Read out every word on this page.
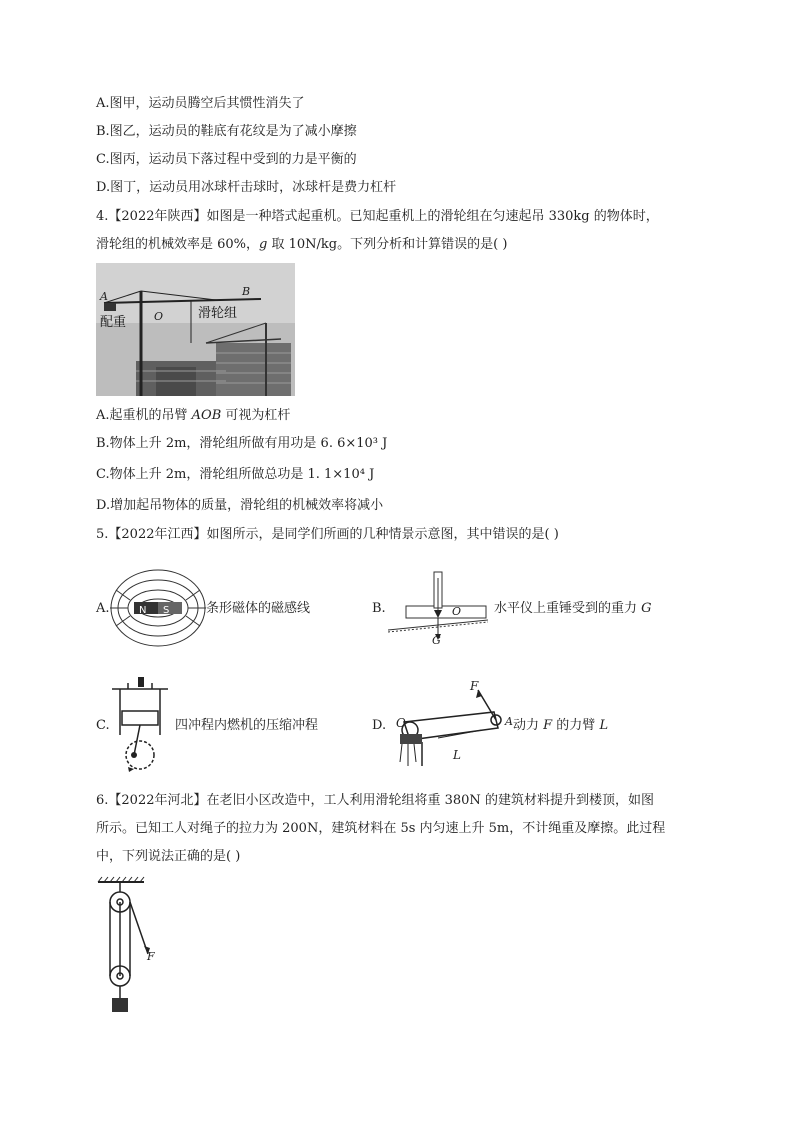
A.图甲，运动员腾空后其惯性消失了
B.图乙，运动员的鞋底有花纹是为了减小摩擦
C.图丙，运动员下落过程中受到的力是平衡的
D.图丁，运动员用冰球杆击球时，冰球杆是费力杠杆
4.【2022年陕西】如图是一种塔式起重机。已知起重机上的滑轮组在匀速起吊 330kg 的物体时，
滑轮组的机械效率是 60%，g 取 10N/kg。下列分析和计算错误的是( )
A	B
O
配重
滑轮组
A.起重机的吊臂 AOB 可视为杠杆
B.物体上升 2m，滑轮组所做有用功是 6. 6×10³ J
C.物体上升 2m，滑轮组所做总功是 1. 1×10⁴ J
D.增加起吊物体的质量，滑轮组的机械效率将减小
5.【2022年江西】如图所示，是同学们所画的几种情景示意图，其中错误的是( )
A.	N S	条形磁体的磁感线	B.	O
G
水平仪上重锤受到的重力 G
C.	四冲程内燃机的压缩冲程	D.
F
O	A
L
动力 F 的力臂 L
6.【2022年河北】在老旧小区改造中，工人利用滑轮组将重 380N 的建筑材料提升到楼顶，如图
所示。已知工人对绳子的拉力为 200N，建筑材料在 5s 内匀速上升 5m，不计绳重及摩擦。此过程
中，下列说法正确的是( )
F
